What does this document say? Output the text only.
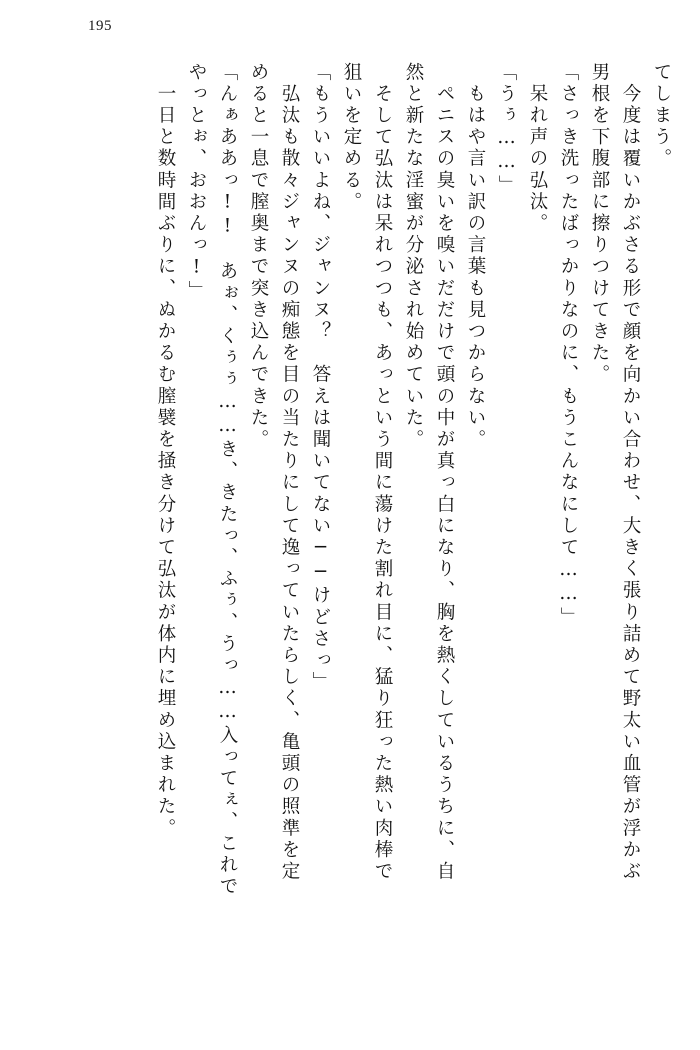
195
てしまう。
　今度は覆いかぶさる形で顔を向かい合わせ、大きく張り詰めて野太い血管が浮かぶ
男根を下腹部に擦りつけてきた。
「さっき洗ったばっかりなのに、もうこんなにして……」
　呆れ声の弘汰。
「うぅ……」
　もはや言い訳の言葉も見つからない。
　ペニスの臭いを嗅いだだけで頭の中が真っ白になり、胸を熱くしているうちに、自
然と新たな淫蜜が分泌され始めていた。
　そして弘汰は呆れつつも、あっという間に蕩けた割れ目に、猛り狂った熱い肉棒で
狙いを定める。
「もういいよね、ジャンヌ？　答えは聞いてない──けどさっ」
　弘汰も散々ジャンヌの痴態を目の当たりにして逸っていたらしく、亀頭の照準を定
めると一息で膣奥まで突き込んできた。
「んぁああっ!!　あぉ、くぅぅ……き、きたっ、ふぅ、うっ……入ってぇ、これで
やっとぉ、おおんっ!」
　一日と数時間ぶりに、ぬかるむ膣襞を掻き分けて弘汰が体内に埋め込まれた。
